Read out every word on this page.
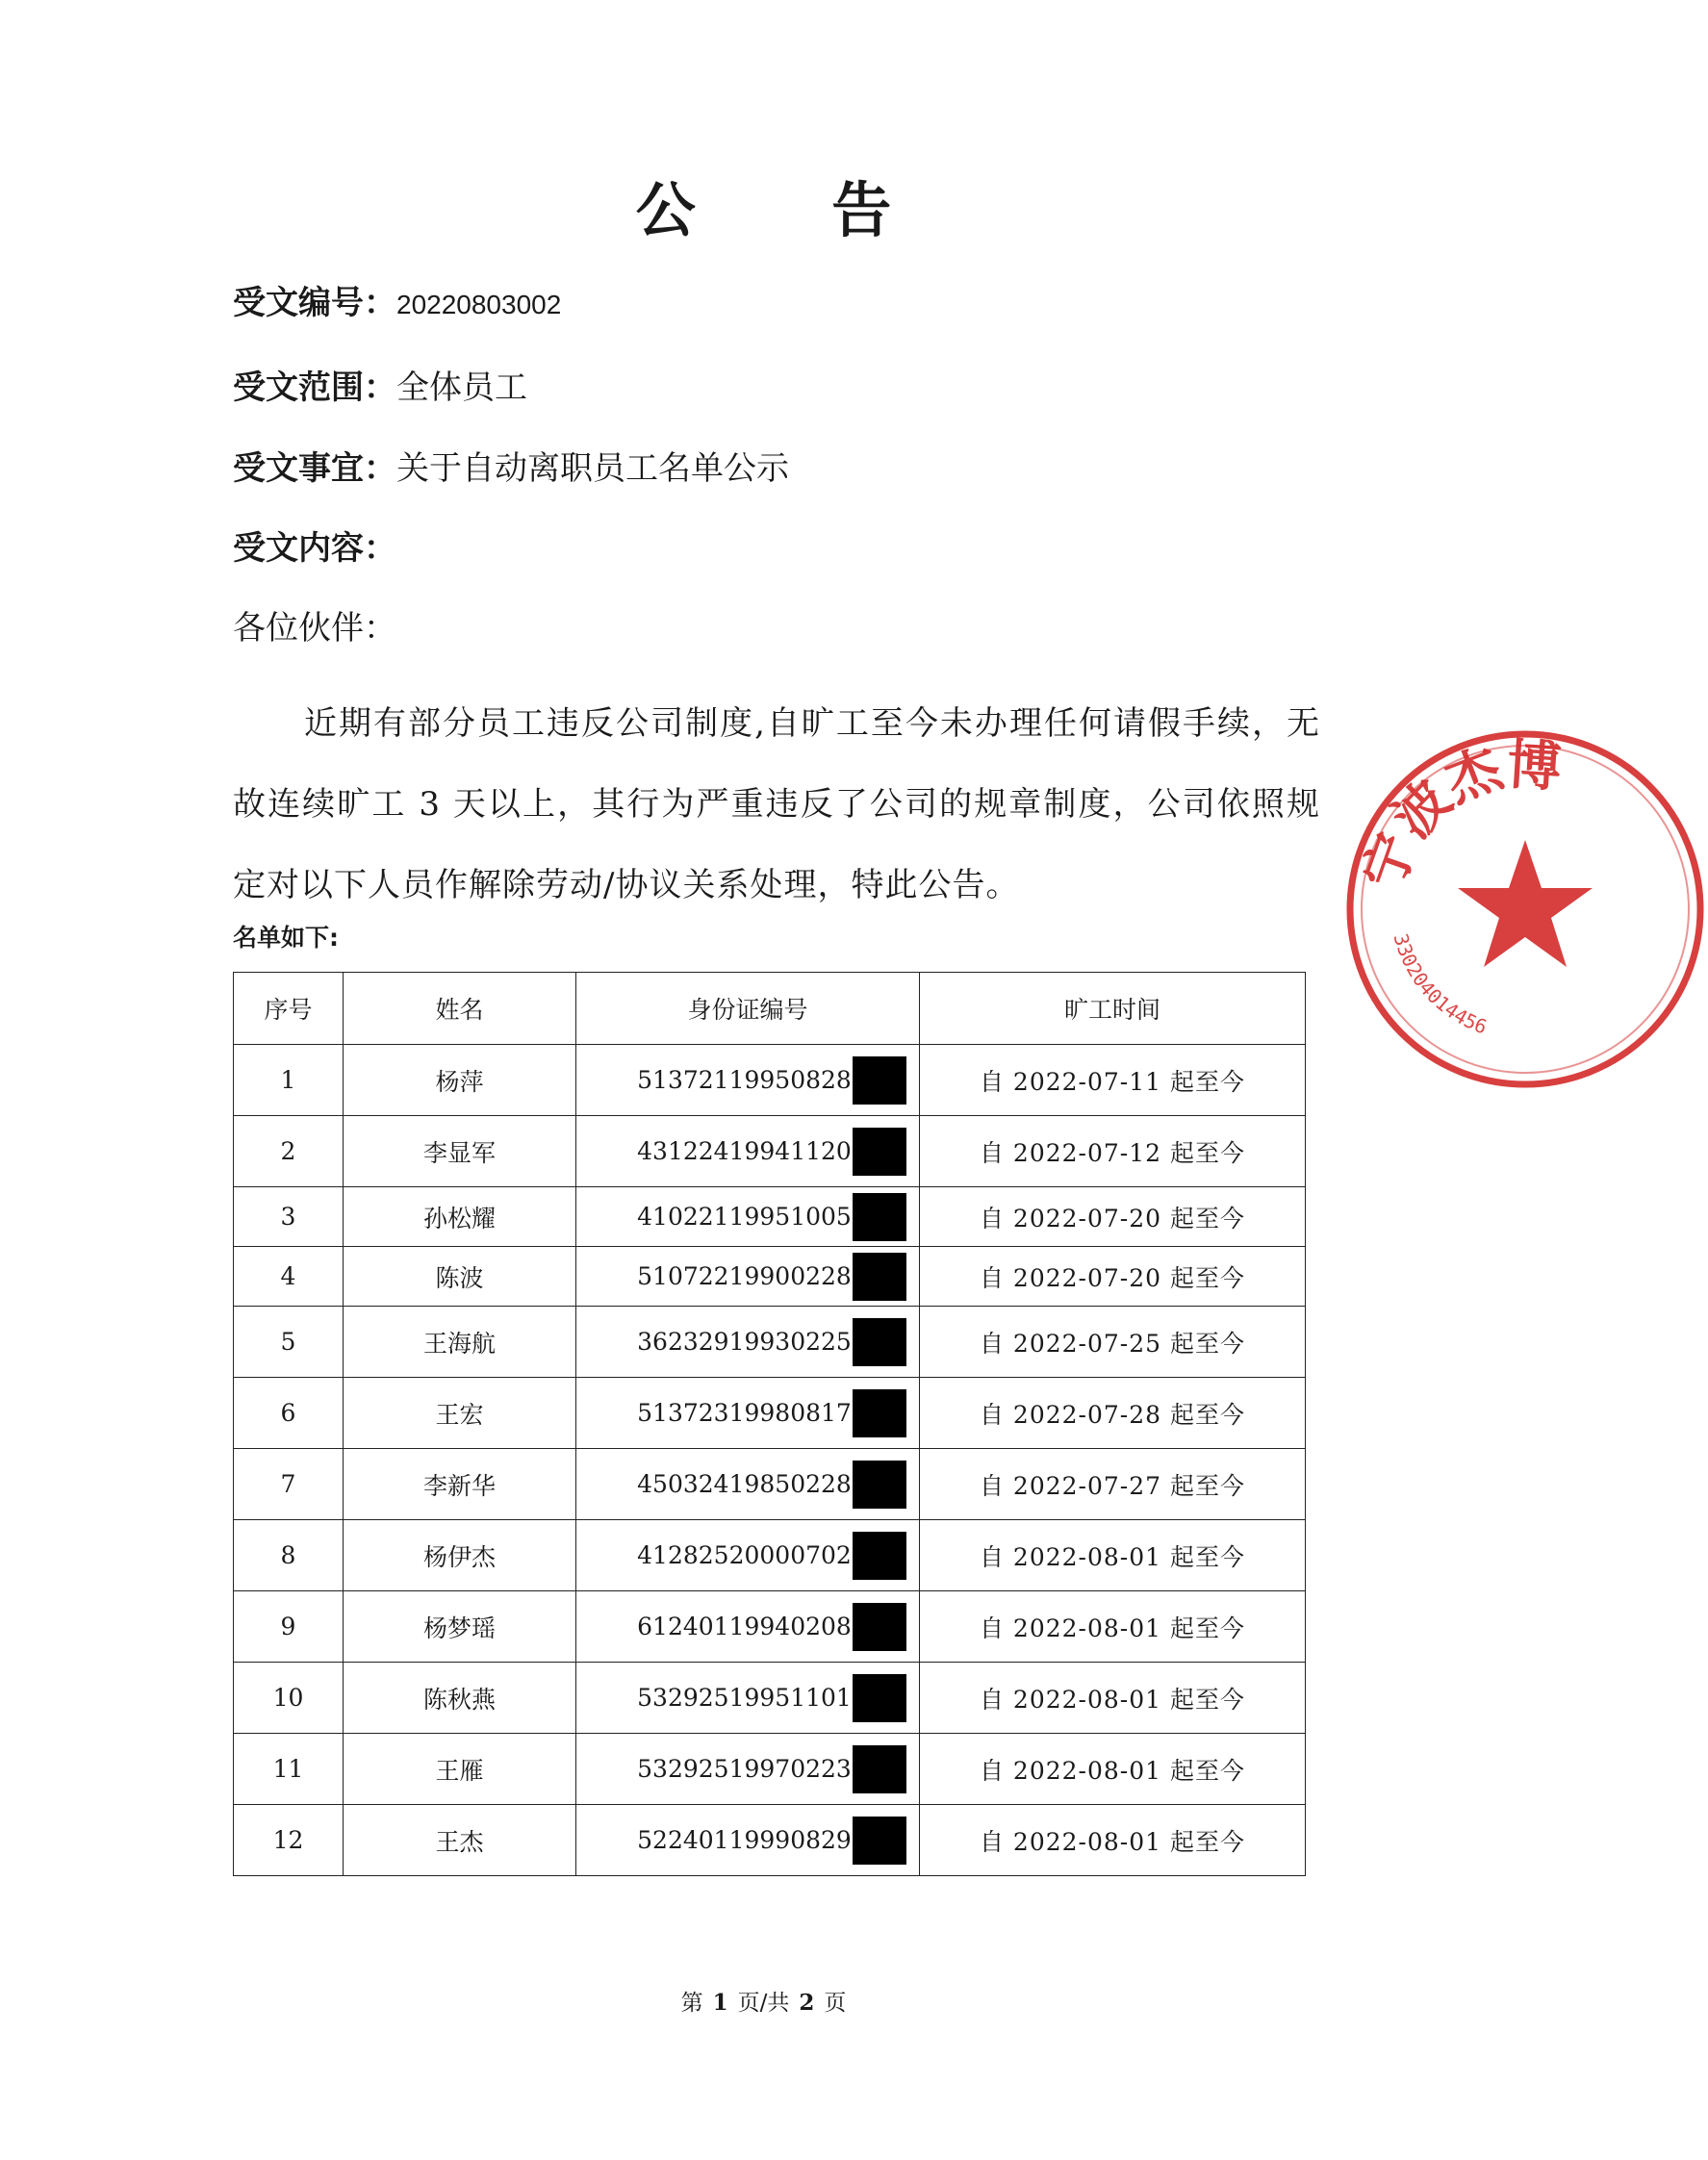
公 告
受文编号：20220803002
受文范围：全体员工
受文事宜：关于自动离职员工名单公示
受文内容：
各位伙伴：
近期有部分员工违反公司制度,自旷工至今未办理任何请假手续，无故连续旷工 3 天以上，其行为严重违反了公司的规章制度，公司依照规定对以下人员作解除劳动/协议关系处理，特此公告。
名单如下:
序号	姓名	身份证编号	旷工时间
1	杨萍	51372119950828	自 2022-07-11 起至今
2	李显军	43122419941120	自 2022-07-12 起至今
3	孙松耀	41022119951005	自 2022-07-20 起至今
4	陈波	51072219900228	自 2022-07-20 起至今
5	王海航	36232919930225	自 2022-07-25 起至今
6	王宏	51372319980817	自 2022-07-28 起至今
7	李新华	45032419850228	自 2022-07-27 起至今
8	杨伊杰	41282520000702	自 2022-08-01 起至今
9	杨梦瑶	61240119940208	自 2022-08-01 起至今
10	陈秋燕	53292519951101	自 2022-08-01 起至今
11	王雁	53292519970223	自 2022-08-01 起至今
12	王杰	52240119990829	自 2022-08-01 起至今
第 1 页/共 2 页
宁波杰博
330204014456
